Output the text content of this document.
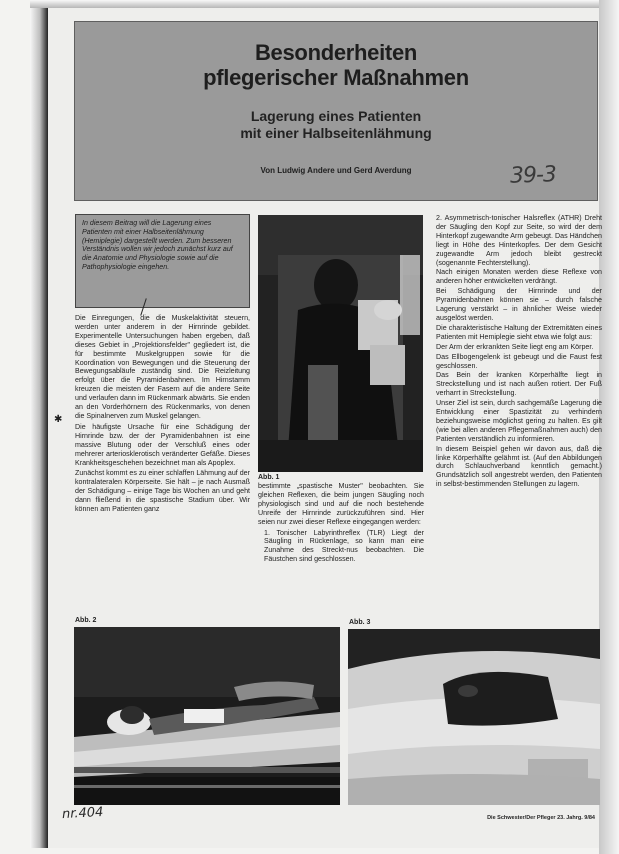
Besonderheiten
pflegerischer Maßnahmen
Lagerung eines Patienten
mit einer Halbseitenlähmung
Von Ludwig Andere und Gerd Averdung	39-3
In diesem Beitrag will die Lagerung eines Patienten mit einer Halbseitenlähmung (Hemiplegie) dargestellt werden. Zum besseren Verständnis wollen wir jedoch zunächst kurz auf die Anatomie und Physiologie sowie auf die Pathophysiologie eingehen.

Die Einregungen, die die Muskelaktivität steuern, werden unter anderem in der Hirnrinde gebildet. Experimentelle Untersuchungen haben ergeben, daß dieses Gebiet in „Projektionsfelder" gegliedert ist, die für bestimmte Muskelgruppen sowie für die Koordination von Bewegungen und die Steuerung der Bewegungsabläufe zuständig sind. Die Reizleitung erfolgt über die Pyramidenbahnen. Im Hirnstamm kreuzen die meisten der Fasern auf die andere Seite und verlaufen dann im Rückenmark abwärts. Sie enden an den Vorderhörnern des Rückenmarks, von denen die Spinalnerven zum Muskel gelangen.

Die häufigste Ursache für eine Schädigung der Hirnrinde bzw. der der Pyramidenbahnen ist eine massive Blutung oder der Verschluß eines oder mehrerer arteriosklerotisch veränderter Gefäße. Dieses Krankheitsgeschehen bezeichnet man als Apoplex.

Zunächst kommt es zu einer schlaffen Lähmung auf der kontralateralen Körperseite. Sie hält – je nach Ausmaß der Schädigung – einige Tage bis Wochen an und geht dann fließend in die spastische Stadium über. Wir können am Patienten ganz

Abb. 1

bestimmte „spastische Muster" beobachten. Sie gleichen Reflexen, die beim jungen Säugling noch physiologisch sind und auf die noch bestehende Unreife der Hirnrinde zurückzuführen sind. Hier seien nur zwei dieser Reflexe eingegangen werden:

1. Tonischer Labyrinthreflex (TLR) Liegt der Säugling in Rückenlage, so kann man eine Zunahme des Streckt-nus beobachten. Die Fäustchen sind geschlossen.

2. Asymmetrisch-tonischer Halsreflex (ATHR) Dreht der Säugling den Kopf zur Seite, so wird der dem Hinterkopf zugewandte Arm gebeugt. Das Händchen liegt in Höhe des Hinterkopfes. Der dem Gesicht zugewandte Arm jedoch bleibt gestreckt (sogenannte Fechterstellung).

Nach einigen Monaten werden diese Reflexe von anderen höher entwickelten verdrängt.

Bei Schädigung der Hirnrinde und der Pyramidenbahnen können sie – durch falsche Lagerung verstärkt – in ähnlicher Weise wieder ausgelöst werden.

Die charakteristische Haltung der Extremitäten eines Patienten mit Hemiplegie sieht etwa wie folgt aus:

Der Arm der erkrankten Seite liegt eng am Körper.

Das Ellbogengelenk ist gebeugt und die Faust fest geschlossen.

Das Bein der kranken Körperhälfte liegt in Streckstellung und ist nach außen rotiert. Der Fuß verharrt in Streckstellung.

Unser Ziel ist sein, durch sachgemäße Lagerung die Entwicklung einer Spastizität zu verhindern beziehungsweise möglichst gering zu halten. Es gilt (wie bei allen anderen Pflegemaßnahmen auch) den Patienten verständlich zu informieren.

In diesem Beispiel gehen wir davon aus, daß die linke Körperhälfte gelähmt ist. (Auf den Abbildungen durch Schlauchverband kenntlich gemacht.) Grundsätzlich soll angestrebt werden, den Patienten in selbst-bestimmenden Stellungen zu lagern.

Abb. 2	Abb. 3
nr.404	Die Schwester/Der Pfleger 23. Jahrg. 9/84
✱
